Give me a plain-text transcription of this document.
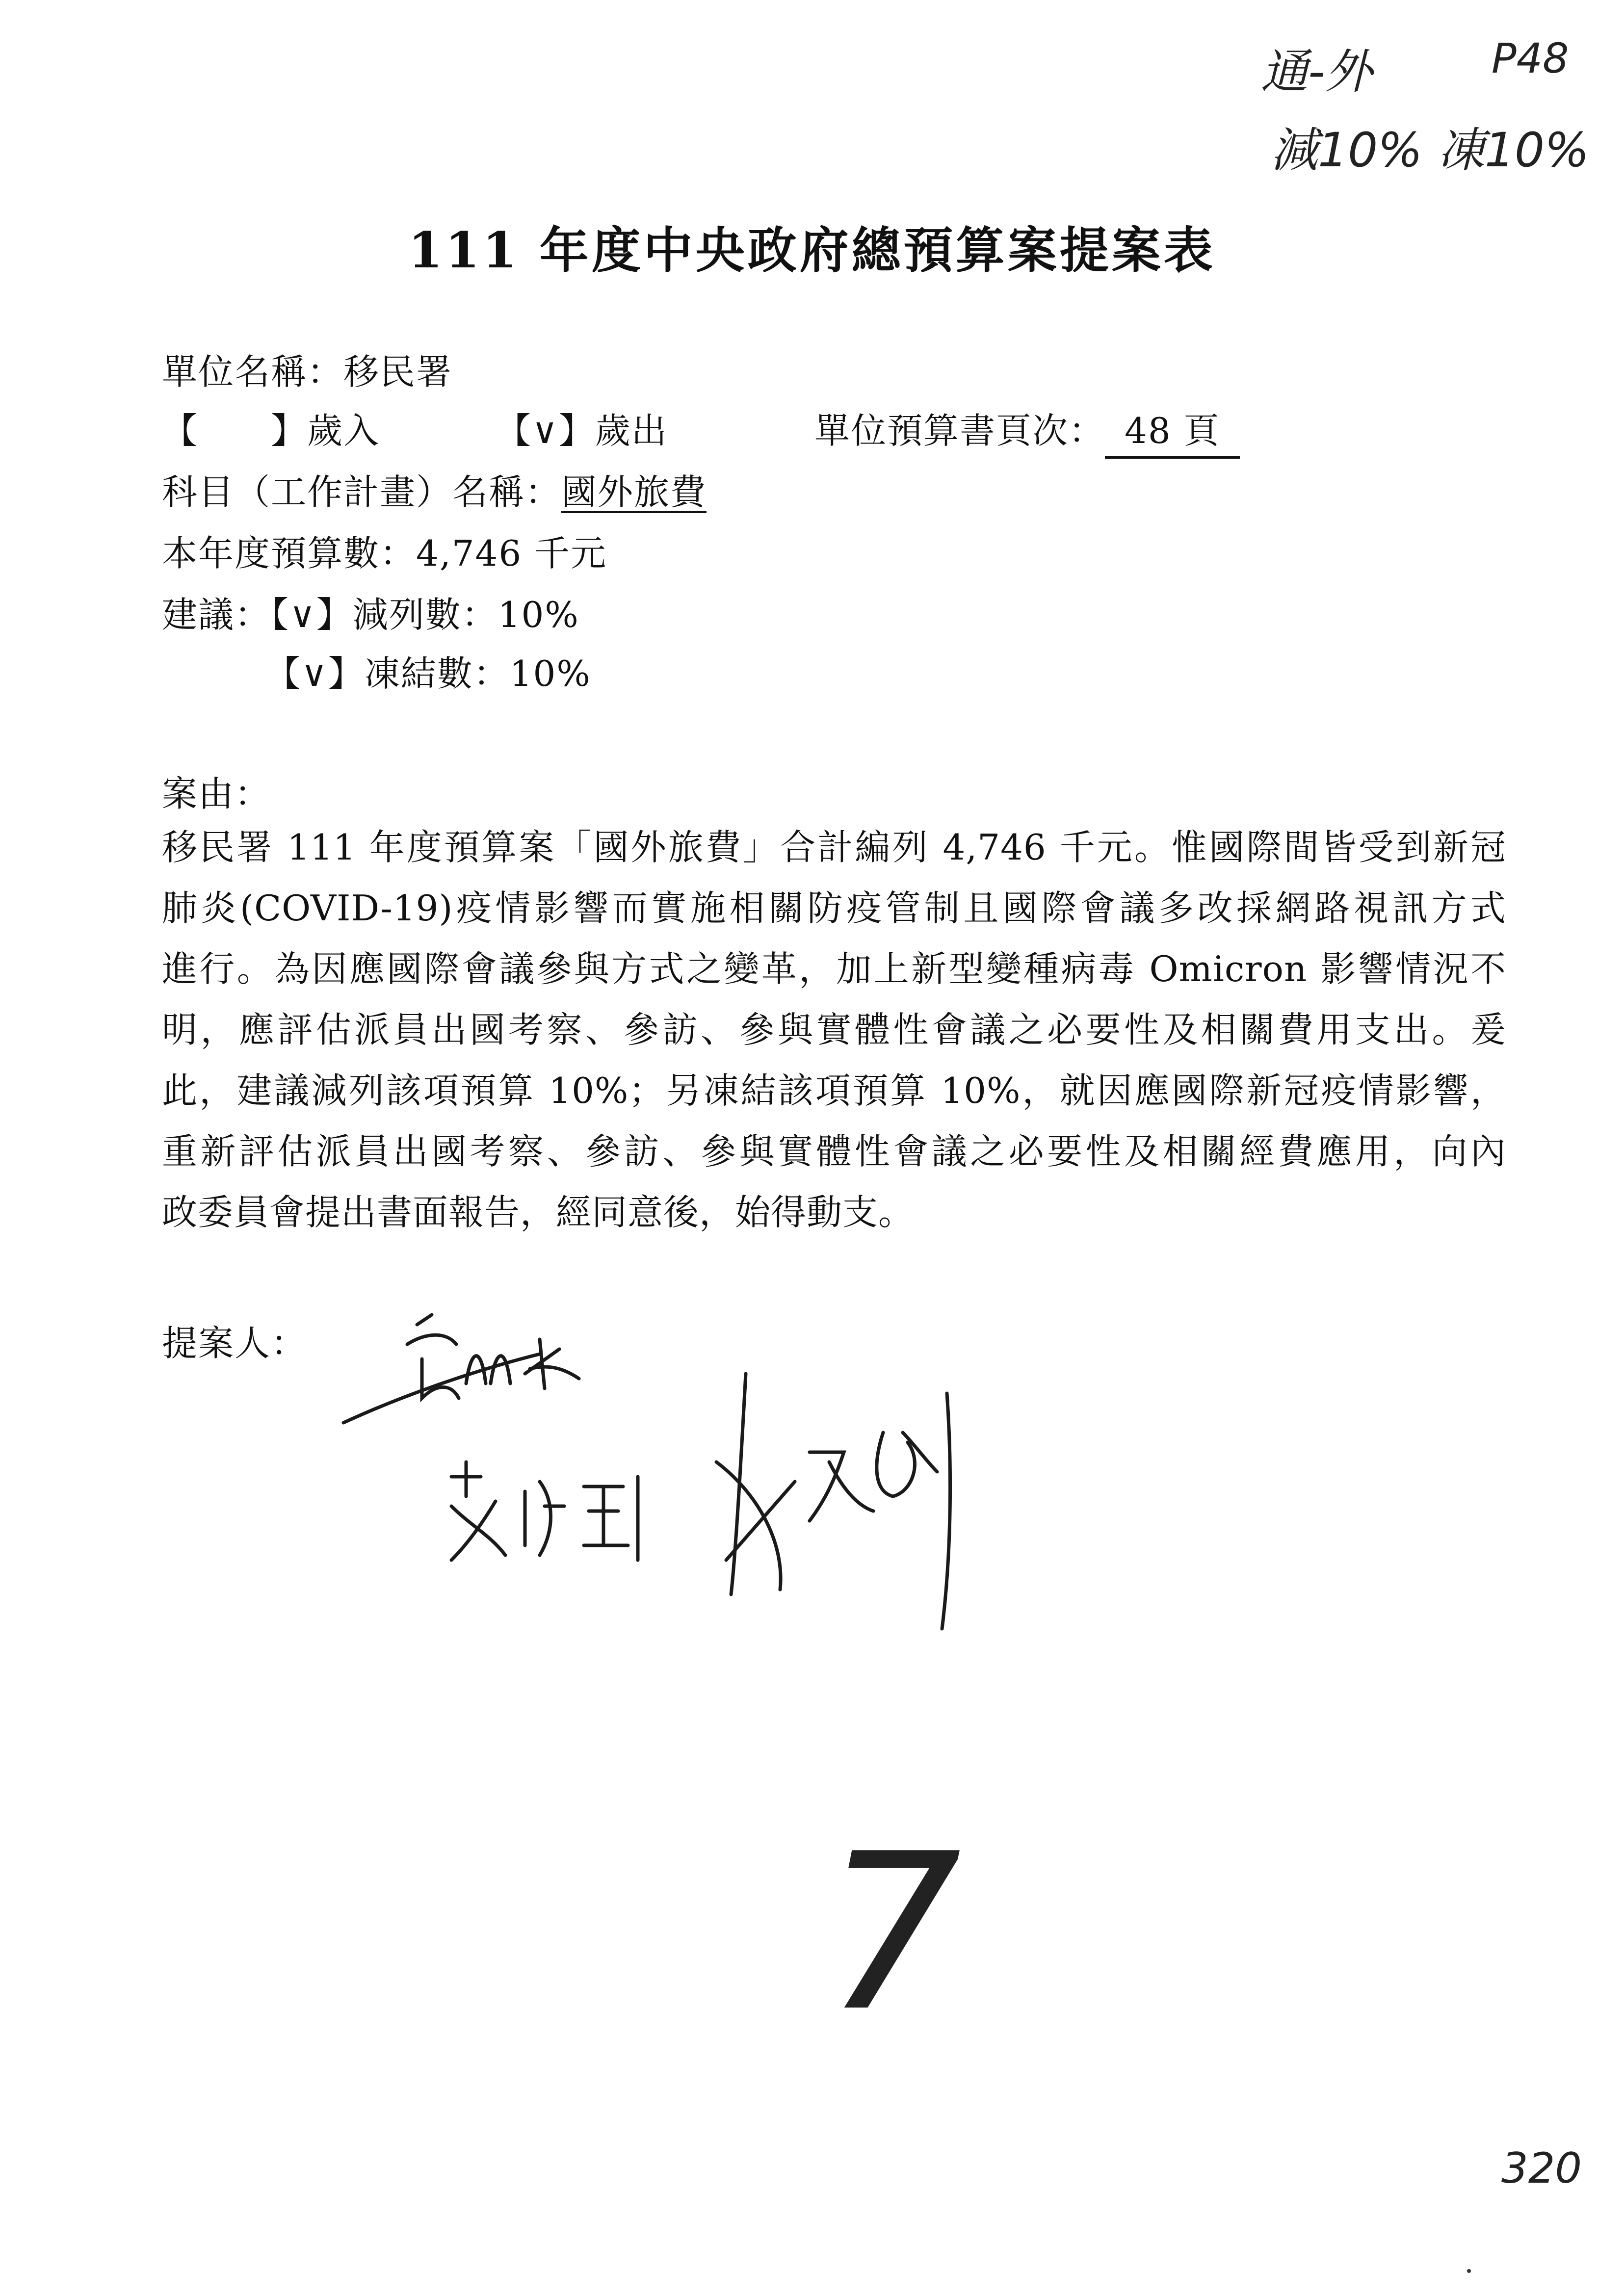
通-外	P48
減10% 凍10%
111 年度中央政府總預算案提案表
單位名稱：移民署
【　　】歲入	【∨】歲出	單位預算書頁次： 48 頁
科目（工作計畫）名稱：國外旅費
本年度預算數：4,746 千元
建議：【∨】減列數：10%
【∨】凍結數：10%
案由：
移民署 111 年度預算案「國外旅費」合計編列 4,746 千元。惟國際間皆受到新冠
肺炎(COVID-19)疫情影響而實施相關防疫管制且國際會議多改採網路視訊方式
進行。為因應國際會議參與方式之變革，加上新型變種病毒 Omicron 影響情況不
明，應評估派員出國考察、參訪、參與實體性會議之必要性及相關費用支出。爰
此，建議減列該項預算 10%；另凍結該項預算 10%，就因應國際新冠疫情影響，
重新評估派員出國考察、參訪、參與實體性會議之必要性及相關經費應用，向內
政委員會提出書面報告，經同意後，始得動支。
提案人：
7
320
